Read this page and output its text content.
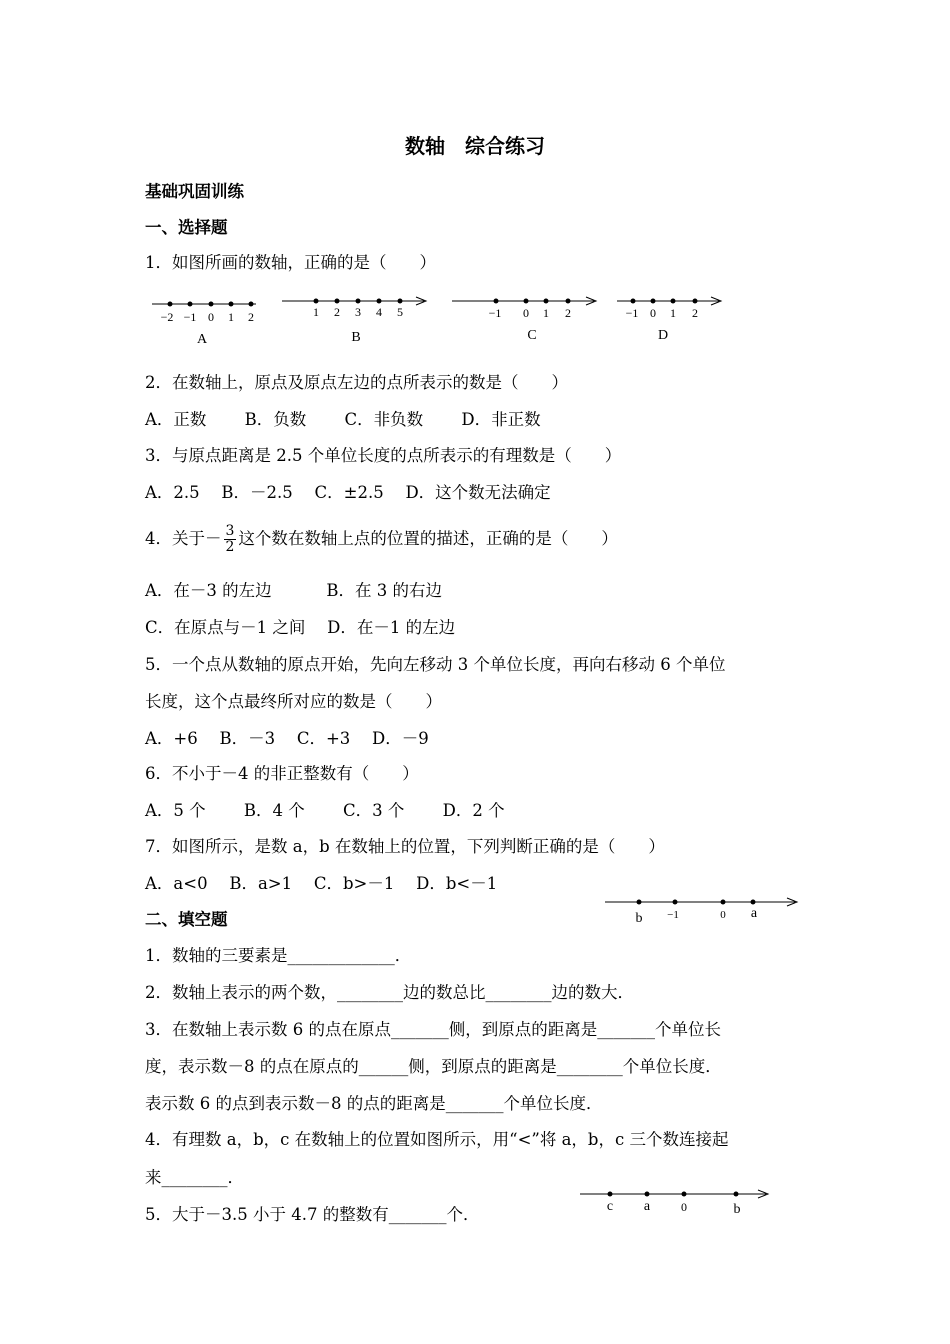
数轴　综合练习
基础巩固训练
一、选择题
1．如图所画的数轴，正确的是（　　）
−2 −1 0 1 2
A
1 2 3 4 5
B
−1 0 1 2
C
−1 0 1 2
D
2．在数轴上，原点及原点左边的点所表示的数是（　　）
A．正数　　 B．负数　　 C．非负数　　 D．非正数
3．与原点距离是 2.5 个单位长度的点所表示的有理数是（　　）
A．2.5　 B．－2.5　 C．±2.5　 D．这个数无法确定
4．关于－ $\frac{3}{2}$ 这个数在数轴上点的位置的描述，正确的是（　　）
A．在－3 的左边　　　 B．在 3 的右边
C．在原点与－1 之间　 D．在－1 的左边
5．一个点从数轴的原点开始，先向左移动 3 个单位长度，再向右移动 6 个单位
长度，这个点最终所对应的数是（　　）
A．+6　 B．－3　 C．+3　 D．－9
6．不小于－4 的非正整数有（　　）
A．5 个　　 B．4 个　　 C．3 个　　 D．2 个
7．如图所示，是数 a，b 在数轴上的位置，下列判断正确的是（　　）
A．a<0　 B．a>1　 C．b>－1　 D．b<－1
b −1	0 a
二、填空题
1．数轴的三要素是_____________．
2．数轴上表示的两个数，________边的数总比________边的数大．
3．在数轴上表示数 6 的点在原点_______侧，到原点的距离是_______个单位长
度，表示数－8 的点在原点的______侧，到原点的距离是________个单位长度．
表示数 6 的点到表示数－8 的点的距离是_______个单位长度．
4．有理数 a，b，c 在数轴上的位置如图所示，用“<”将 a，b，c 三个数连接起
来________．
5．大于－3.5 小于 4.7 的整数有_______个．	c a	0	b
